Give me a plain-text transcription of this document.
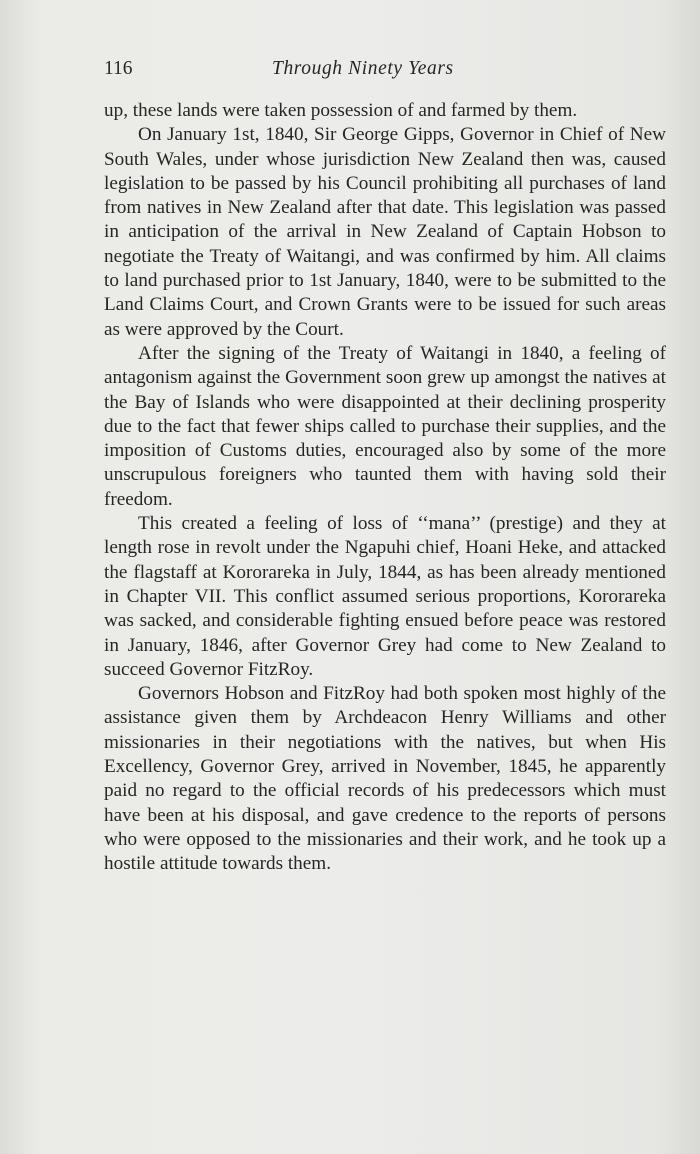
116	Through Ninety Years

up, these lands were taken possession of and farmed by them.

On January 1st, 1840, Sir George Gipps, Governor in Chief of New South Wales, under whose jurisdiction New Zealand then was, caused legislation to be passed by his Council prohibiting all purchases of land from natives in New Zealand after that date. This legislation was passed in anticipation of the arrival in New Zealand of Captain Hobson to negotiate the Treaty of Waitangi, and was confirmed by him. All claims to land purchased prior to 1st January, 1840, were to be submitted to the Land Claims Court, and Crown Grants were to be issued for such areas as were approved by the Court.

After the signing of the Treaty of Waitangi in 1840, a feeling of antagonism against the Government soon grew up amongst the natives at the Bay of Islands who were disappointed at their declining prosperity due to the fact that fewer ships called to purchase their supplies, and the imposition of Customs duties, encouraged also by some of the more unscrupulous foreigners who taunted them with having sold their freedom.

This created a feeling of loss of ‘‘mana’’ (prestige) and they at length rose in revolt under the Ngapuhi chief, Hoani Heke, and attacked the flagstaff at Kororareka in July, 1844, as has been already mentioned in Chapter VII. This conflict assumed serious proportions, Kororareka was sacked, and considerable fighting ensued before peace was restored in January, 1846, after Governor Grey had come to New Zealand to succeed Governor FitzRoy.

Governors Hobson and FitzRoy had both spoken most highly of the assistance given them by Archdeacon Henry Williams and other missionaries in their negotiations with the natives, but when His Excellency, Governor Grey, arrived in November, 1845, he apparently paid no regard to the official records of his predecessors which must have been at his disposal, and gave credence to the reports of persons who were opposed to the missionaries and their work, and he took up a hostile attitude towards them.
